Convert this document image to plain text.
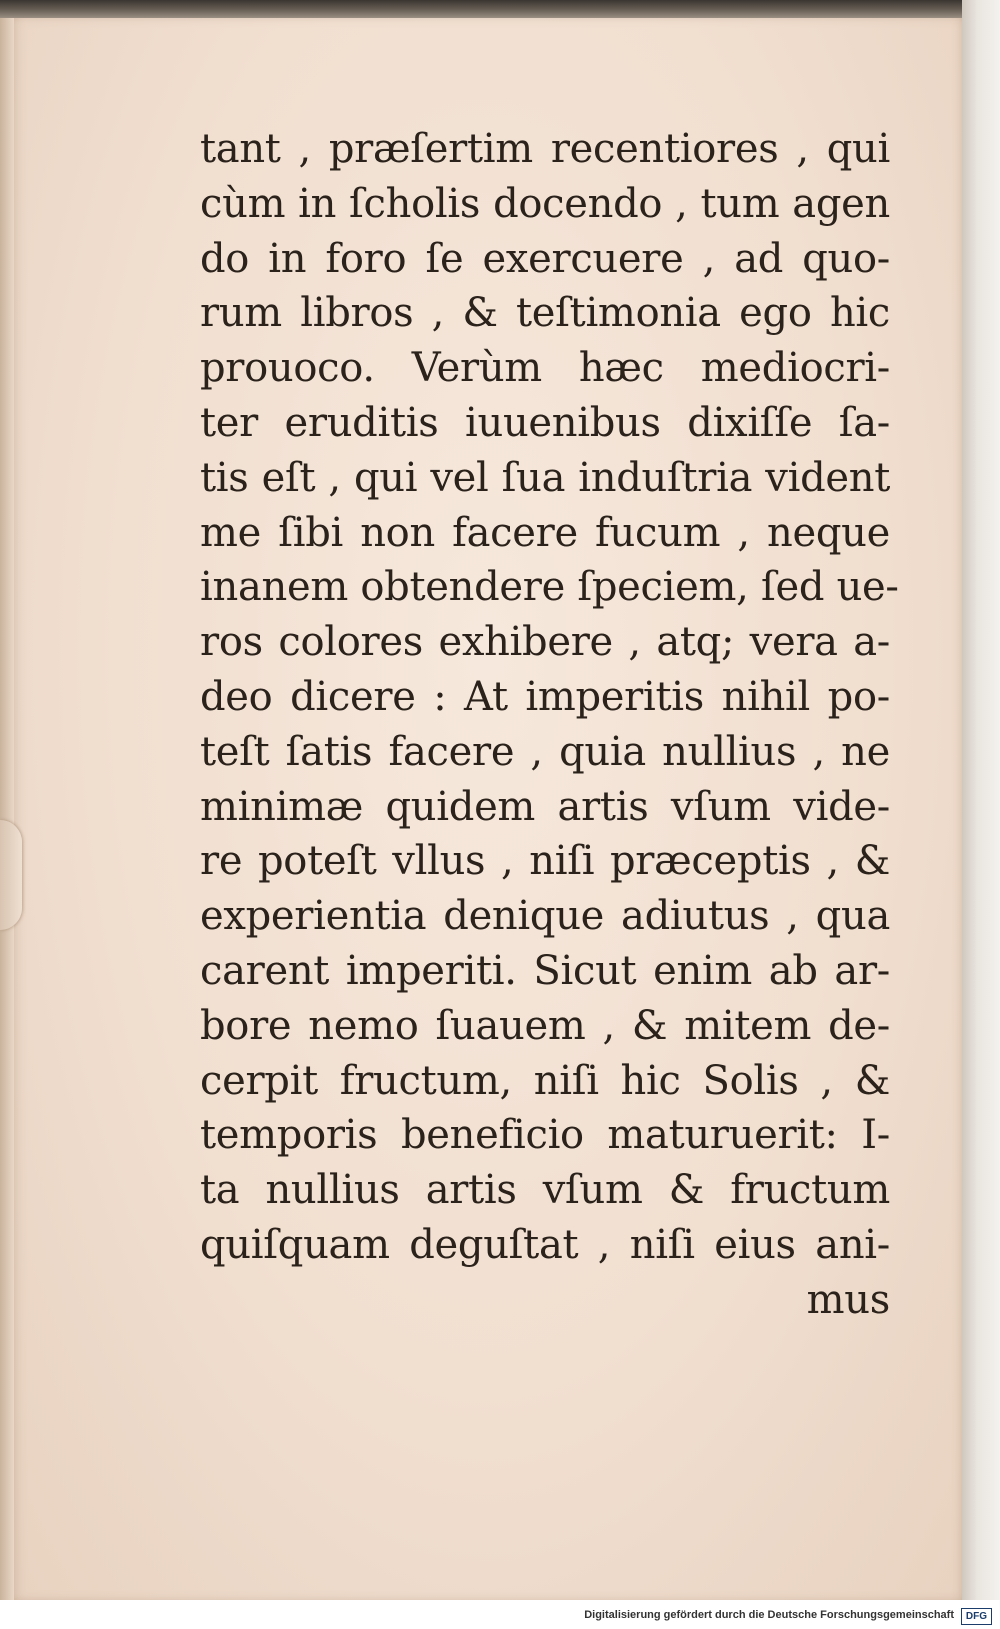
tant , præſertim recentiores , qui
cùm in ſcholis docendo , tum agen
do in foro ſe exercuere , ad quo-
rum libros , & teſtimonia ego hic
prouoco. Verùm hæc mediocri-
ter eruditis iuuenibus dixiſſe ſa-
tis eſt , qui vel ſua induſtria vident
me ſibi non facere fucum , neque
inanem obtendere ſpeciem, ſed ue-
ros colores exhibere , atq; vera a-
deo dicere : At imperitis nihil po-
teſt ſatis facere , quia nullius , ne
minimæ quidem artis vſum vide-
re poteſt vllus , niſi præceptis , &
experientia denique adiutus , qua
carent imperiti. Sicut enim ab ar-
bore nemo ſuauem , & mitem de-
cerpit fructum, niſi hic Solis , &
temporis beneficio maturuerit: I-
ta nullius artis vſum & fructum
quiſquam deguſtat , niſi eius ani-
mus
Digitalisierung gefördert durch die Deutsche Forschungsgemeinschaft	DFG
